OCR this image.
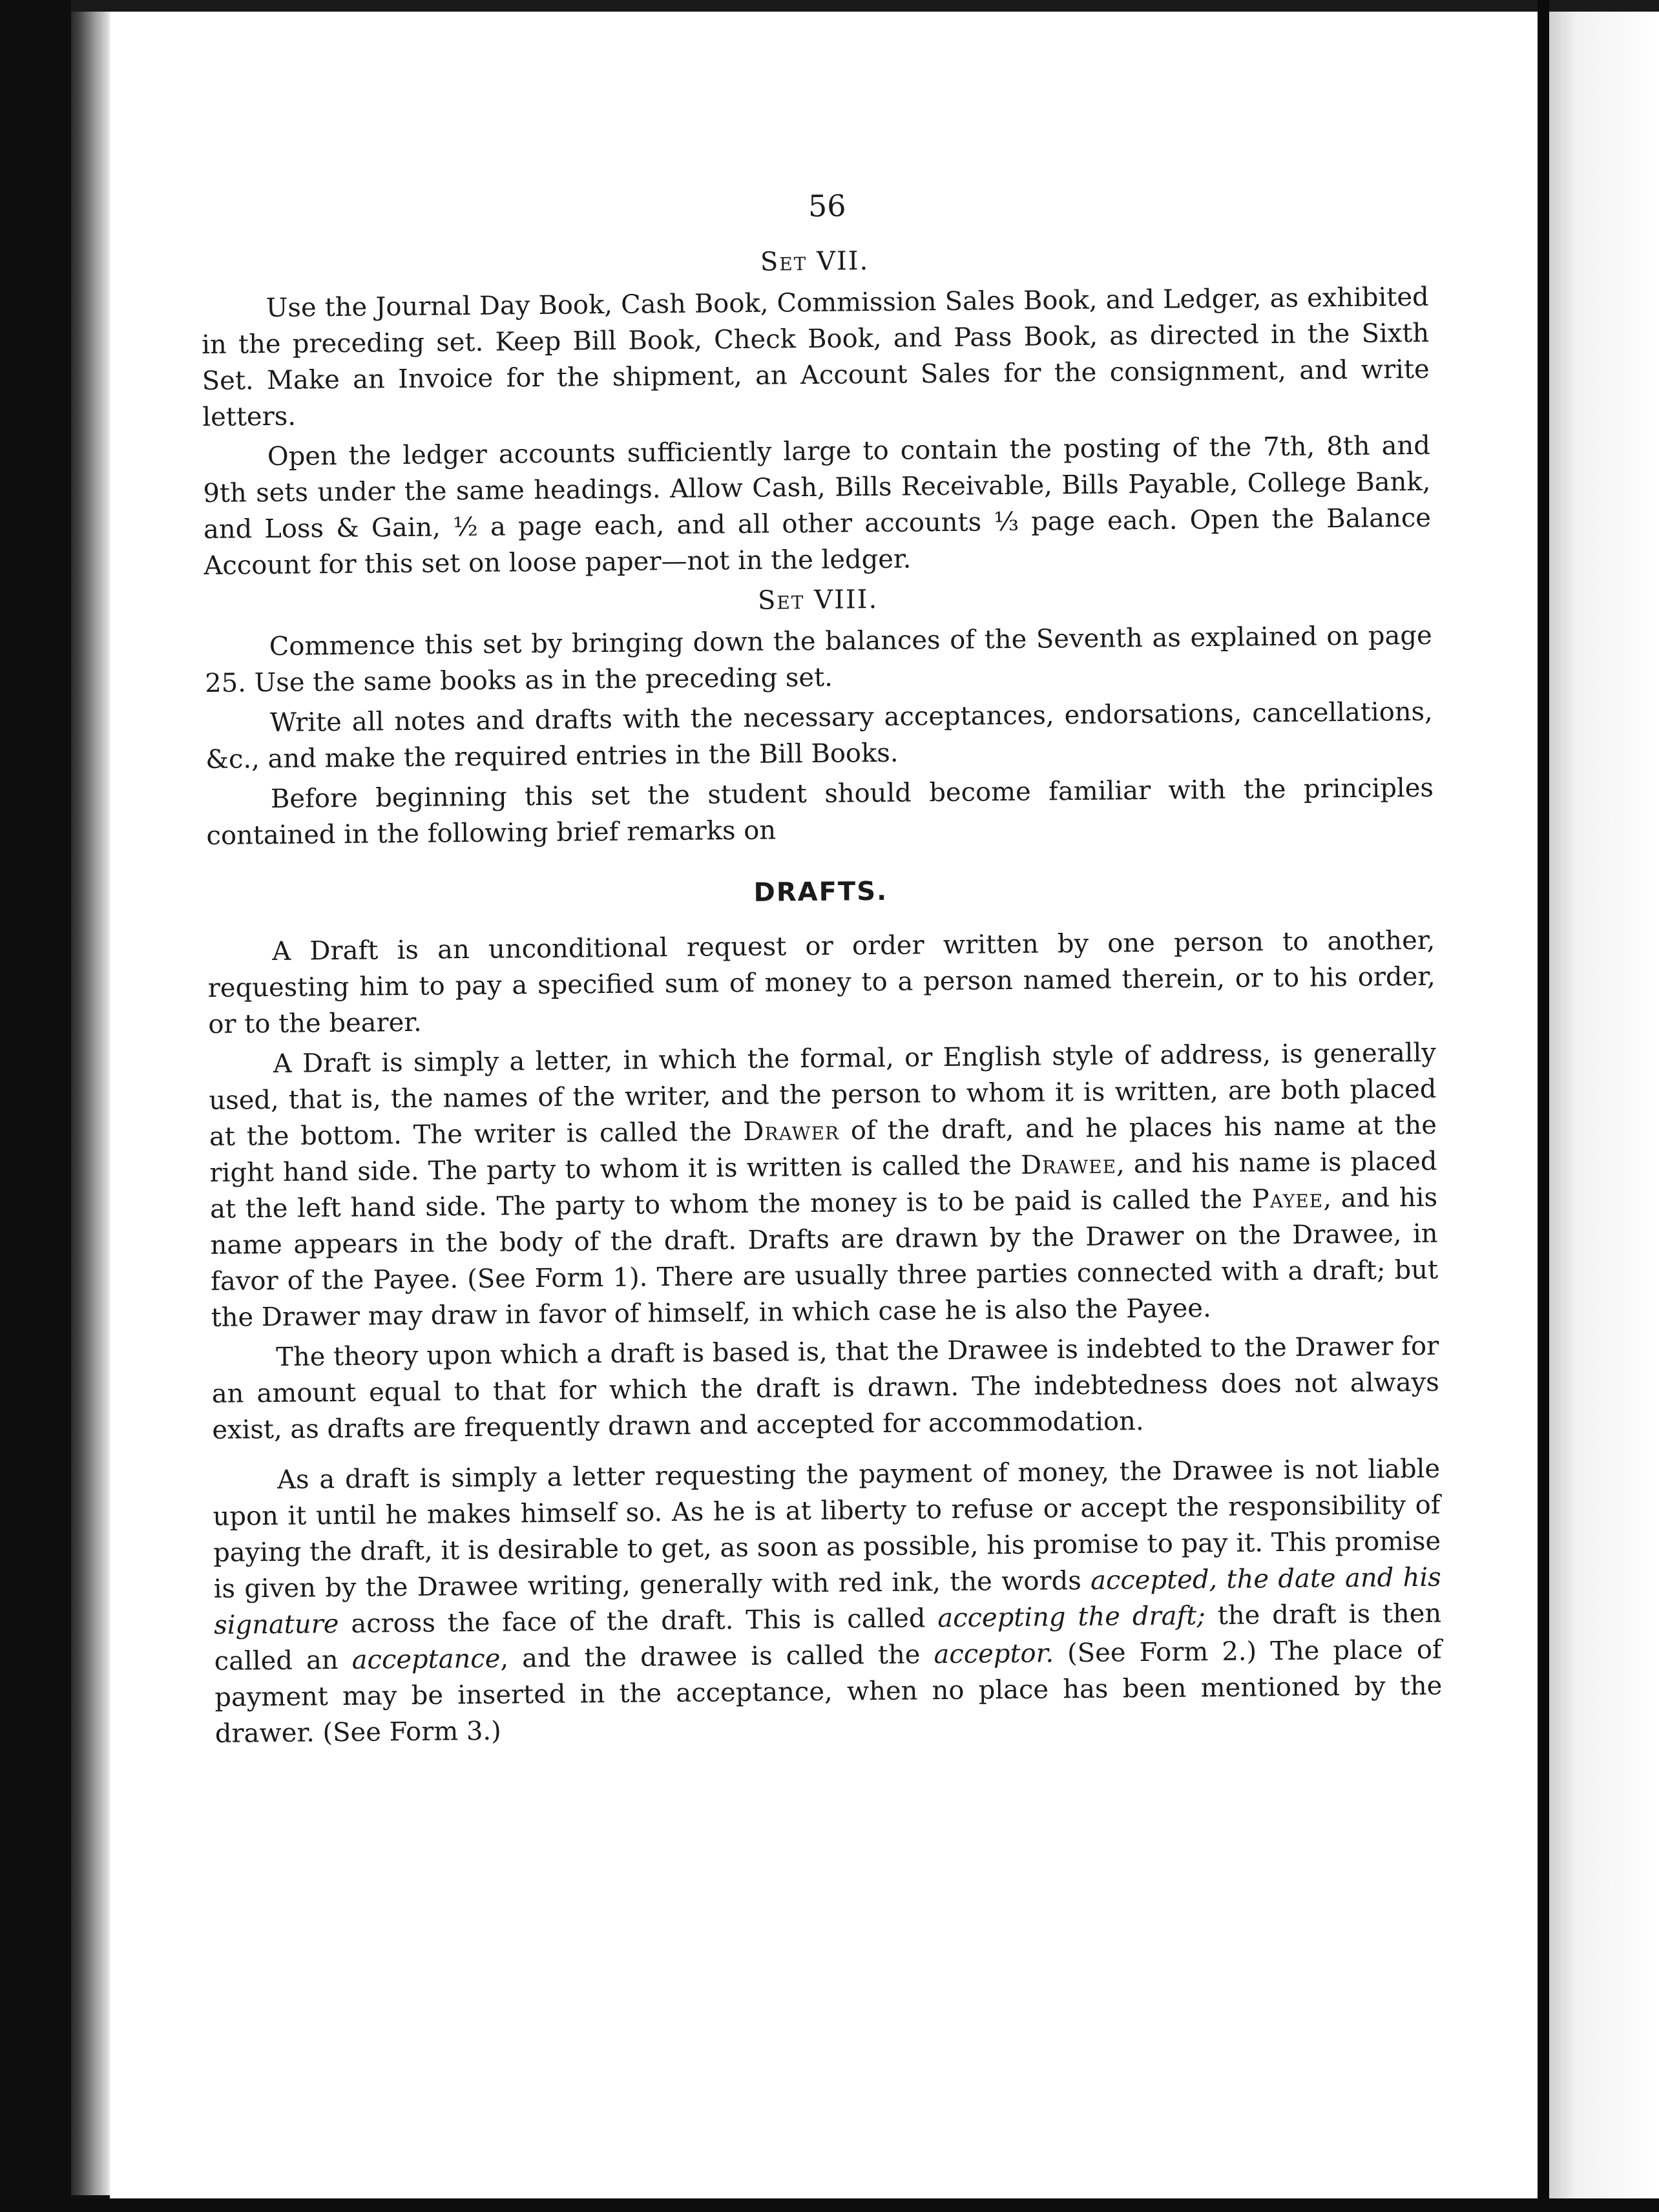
56
Set VII.

Use the Journal Day Book, Cash Book, Commission Sales Book, and Ledger, as exhibited in the preceding set. Keep Bill Book, Check Book, and Pass Book, as directed in the Sixth Set. Make an Invoice for the shipment, an Account Sales for the consignment, and write letters.

Open the ledger accounts sufficiently large to contain the posting of the 7th, 8th and 9th sets under the same headings. Allow Cash, Bills Receivable, Bills Payable, College Bank, and Loss & Gain, ½ a page each, and all other accounts ⅓ page each. Open the Balance Account for this set on loose paper—not in the ledger.

Set VIII.

Commence this set by bringing down the balances of the Seventh as explained on page 25. Use the same books as in the preceding set.

Write all notes and drafts with the necessary acceptances, endorsations, cancellations, &c., and make the required entries in the Bill Books.

Before beginning this set the student should become familiar with the principles contained in the following brief remarks on

DRAFTS.

A Draft is an unconditional request or order written by one person to another, requesting him to pay a specified sum of money to a person named therein, or to his order, or to the bearer.

A Draft is simply a letter, in which the formal, or English style of address, is generally used, that is, the names of the writer, and the person to whom it is written, are both placed at the bottom. The writer is called the Drawer of the draft, and he places his name at the right hand side. The party to whom it is written is called the Drawee, and his name is placed at the left hand side. The party to whom the money is to be paid is called the Payee, and his name appears in the body of the draft. Drafts are drawn by the Drawer on the Drawee, in favor of the Payee. (See Form 1). There are usually three parties connected with a draft; but the Drawer may draw in favor of himself, in which case he is also the Payee.

The theory upon which a draft is based is, that the Drawee is indebted to the Drawer for an amount equal to that for which the draft is drawn. The indebtedness does not always exist, as drafts are frequently drawn and accepted for accommodation.

As a draft is simply a letter requesting the payment of money, the Drawee is not liable upon it until he makes himself so. As he is at liberty to refuse or accept the responsibility of paying the draft, it is desirable to get, as soon as possible, his promise to pay it. This promise is given by the Drawee writing, generally with red ink, the words accepted, the date and his signature across the face of the draft. This is called accepting the draft; the draft is then called an acceptance, and the drawee is called the acceptor. (See Form 2.) The place of payment may be inserted in the acceptance, when no place has been mentioned by the drawer. (See Form 3.)
